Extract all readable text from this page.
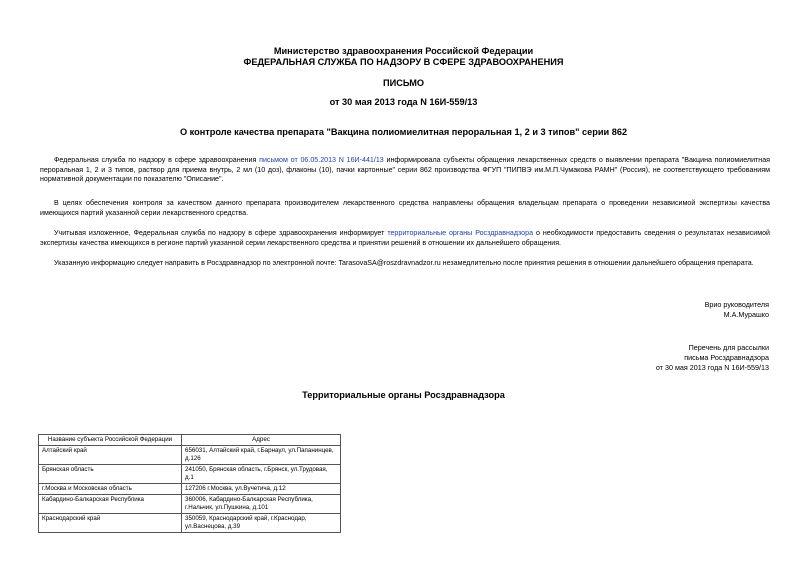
Министерство здравоохранения Российской Федерации
ФЕДЕРАЛЬНАЯ СЛУЖБА ПО НАДЗОРУ В СФЕРЕ ЗДРАВООХРАНЕНИЯ
ПИСЬМО
от 30 мая 2013 года N 16И-559/13
О контроле качества препарата "Вакцина полиомиелитная пероральная 1, 2 и 3 типов" серии 862
Федеральная служба по надзору в сфере здравоохранения письмом от 06.05.2013 N 16И-441/13 информировала субъекты обращения лекарственных средств о выявлении препарата "Вакцина полиомиелитная пероральная 1, 2 и 3 типов, раствор для приема внутрь, 2 мл (10 доз), флаконы (10), пачки картонные" серии 862 производства ФГУП "ПИПВЭ им.М.П.Чумакова РАМН" (Россия), не соответствующего требованиям нормативной документации по показателю "Описание".
В целях обеспечения контроля за качеством данного препарата производителем лекарственного средства направлены обращения владельцам препарата о проведении независимой экспертизы качества имеющихся партий указанной серии лекарственного средства.
Учитывая изложенное, Федеральная служба по надзору в сфере здравоохранения информирует территориальные органы Росздравнадзора о необходимости предоставить сведения о результатах независимой экспертизы качества имеющихся в регионе партий указанной серии лекарственного средства и принятии решений в отношении их дальнейшего обращения.
Указанную информацию следует направить в Росздравнадзор по электронной почте: TarasovaSA@roszdravnadzor.ru незамедлительно после принятия решения в отношении дальнейшего обращения препарата.
Врио руководителя
М.А.Мурашко
Перечень для рассылки
письма Росздравнадзора
от 30 мая 2013 года N 16И-559/13
Территориальные органы Росздравнадзора
Название субъекта Российской Федерации	Адрес
Алтайский край	656031, Алтайский край, г.Барнаул, ул.Папанинцев, д.126
Брянская область	241050, Брянская область, г.Брянск, ул.Трудовая, д.1
г.Москва и Московская область	127206 г.Москва, ул.Вучетича, д.12
Кабардино-Балкарская Республика	360006, Кабардино-Балкарская Республика, г.Нальчик, ул.Пушкина, д.101
Краснодарский край	350059, Краснодарский край, г.Краснодар, ул.Васнецова, д.39
